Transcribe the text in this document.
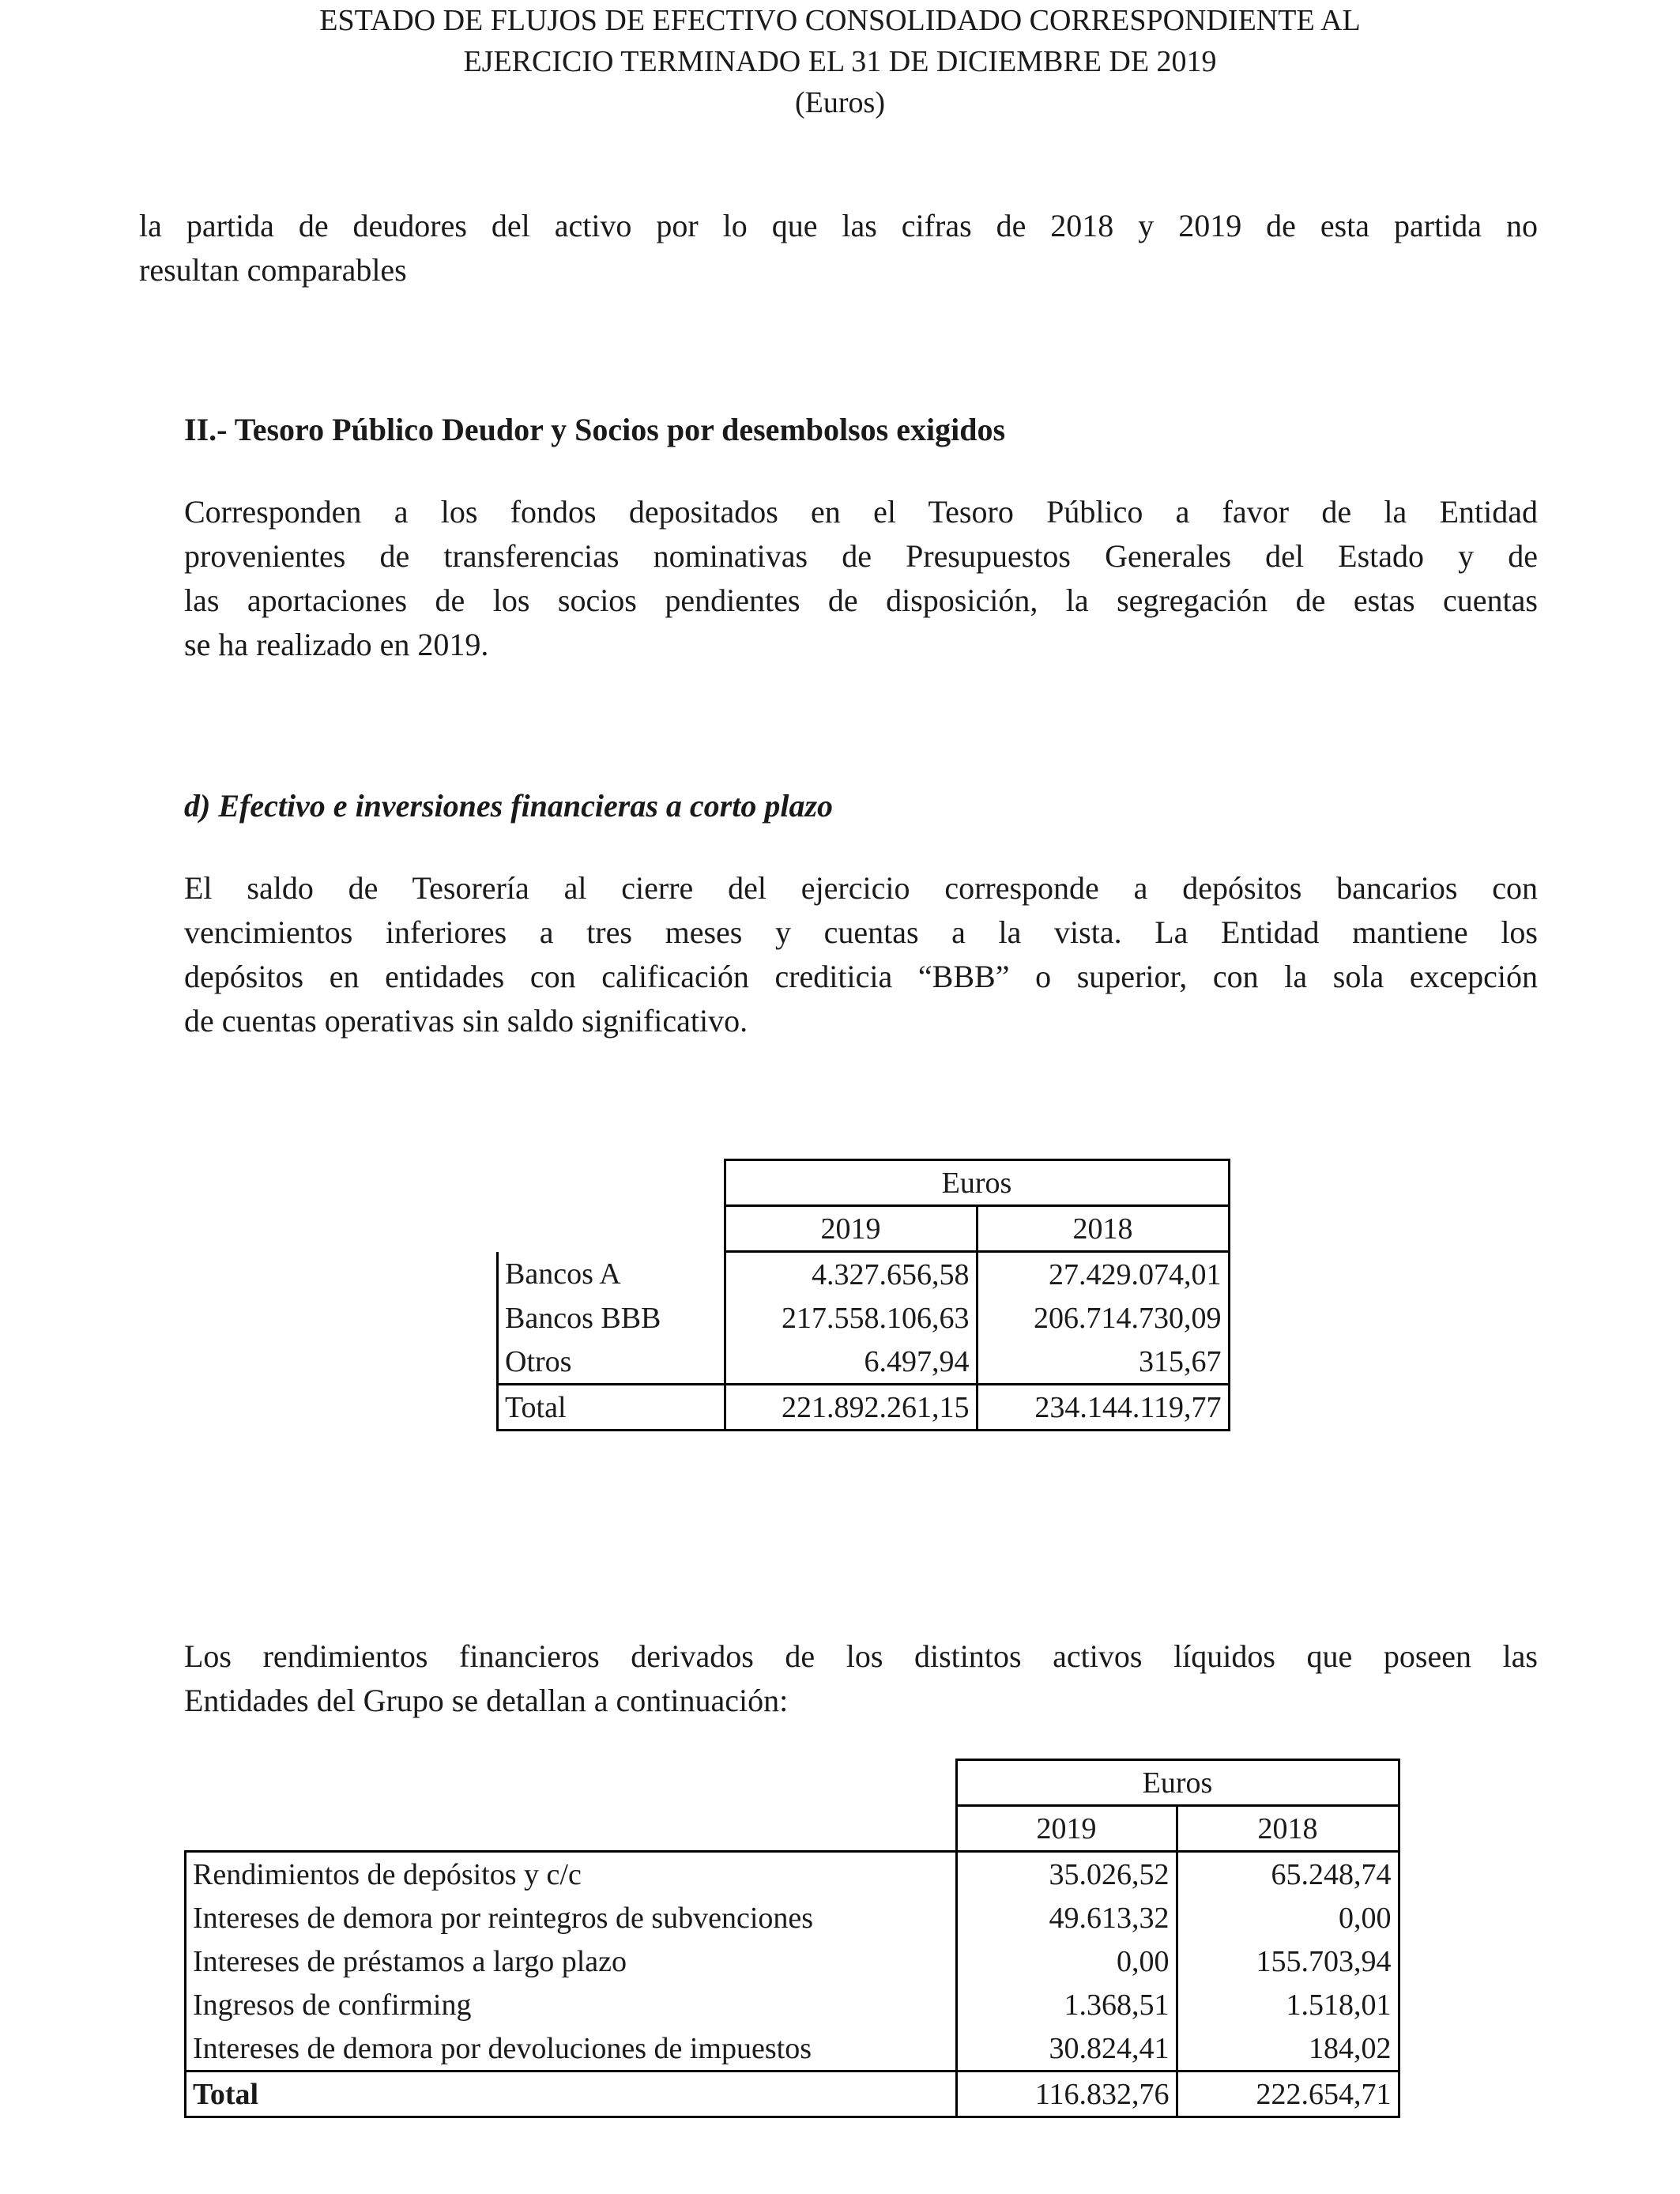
ESTADO DE FLUJOS DE EFECTIVO CONSOLIDADO CORRESPONDIENTE AL
EJERCICIO TERMINADO EL 31 DE DICIEMBRE DE 2019
(Euros)
la partida de deudores del activo por lo que las cifras de 2018 y 2019 de esta partida no
resultan comparables
II.- Tesoro Público Deudor y Socios por desembolsos exigidos
Corresponden a los fondos depositados en el Tesoro Público a favor de la Entidad
provenientes de transferencias nominativas de Presupuestos Generales del Estado y de
las aportaciones de los socios pendientes de disposición, la segregación de estas cuentas
se ha realizado en 2019.
d) Efectivo e inversiones financieras a corto plazo
El saldo de Tesorería al cierre del ejercicio corresponde a depósitos bancarios con
vencimientos inferiores a tres meses y cuentas a la vista. La Entidad mantiene los
depósitos en entidades con calificación crediticia “BBB” o superior, con la sola excepción
de cuentas operativas sin saldo significativo.
	Euros	
	2019	2018
Bancos A	4.327.656,58	27.429.074,01
Bancos BBB	217.558.106,63	206.714.730,09
Otros	6.497,94	315,67
Total	221.892.261,15	234.144.119,77
Los rendimientos financieros derivados de los distintos activos líquidos que poseen las
Entidades del Grupo se detallan a continuación:
	Euros	
	2019	2018
Rendimientos de depósitos y c/c	35.026,52	65.248,74
Intereses de demora por reintegros de subvenciones	49.613,32	0,00
Intereses de préstamos a largo plazo	0,00	155.703,94
Ingresos de confirming	1.368,51	1.518,01
Intereses de demora por devoluciones de impuestos	30.824,41	184,02
Total	116.832,76	222.654,71
